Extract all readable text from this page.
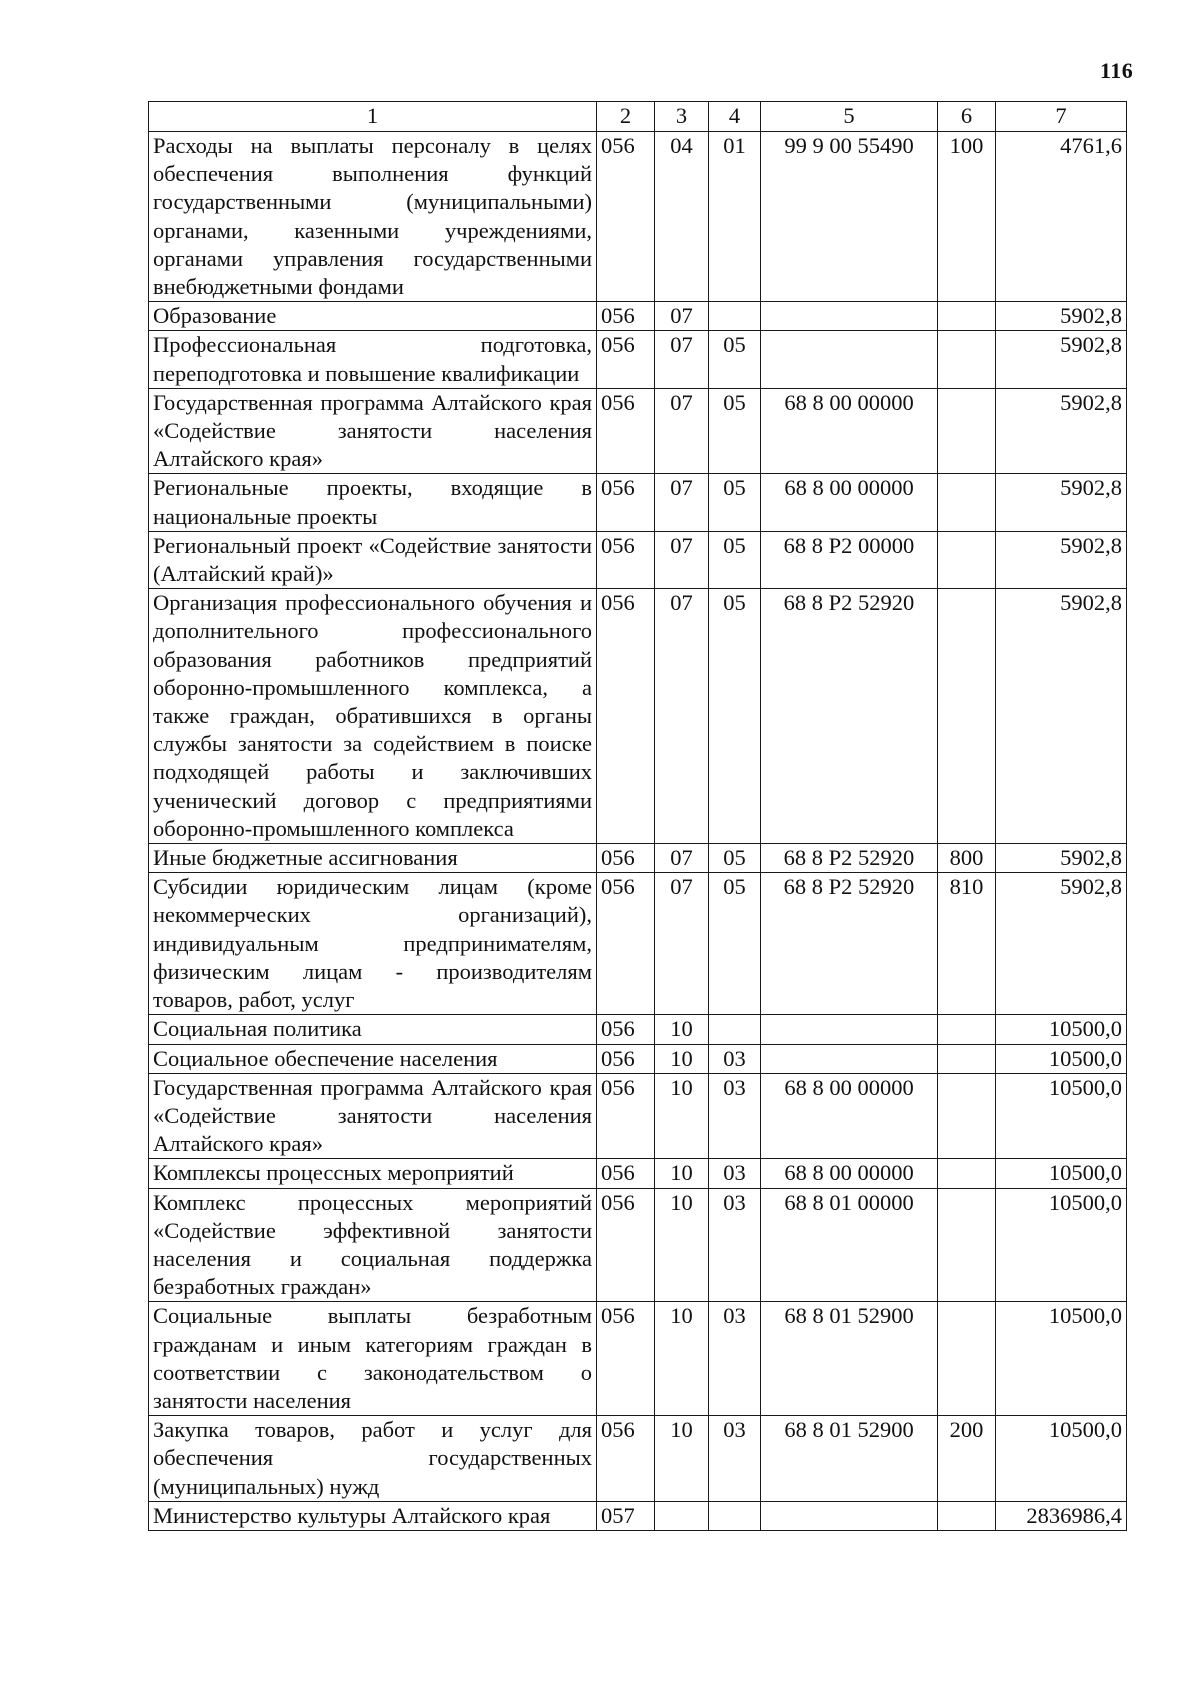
116
1	2	3	4	5	6	7
Расходы на выплаты персоналу в целях обеспечения выполнения функций государственными (муниципальными) органами, казенными учреждениями, органами управления государственными внебюджетными фондами	056	04	01	99 9 00 55490	100	4761,6
Образование	056	07				5902,8
Профессиональная подготовка, переподготовка и повышение квалификации	056	07	05			5902,8
Государственная программа Алтайского края «Содействие занятости населения Алтайского края»	056	07	05	68 8 00 00000		5902,8
Региональные проекты, входящие в национальные проекты	056	07	05	68 8 00 00000		5902,8
Региональный проект «Содействие занятости (Алтайский край)»	056	07	05	68 8 Р2 00000		5902,8
Организация профессионального обучения и дополнительного профессионального образования работников предприятий оборонно-промышленного комплекса, а также граждан, обратившихся в органы службы занятости за содействием в поиске подходящей работы и заключивших ученический договор с предприятиями оборонно-промышленного комплекса	056	07	05	68 8 Р2 52920		5902,8
Иные бюджетные ассигнования	056	07	05	68 8 Р2 52920	800	5902,8
Субсидии юридическим лицам (кроме некоммерческих организаций), индивидуальным предпринимателям, физическим лицам - производителям товаров, работ, услуг	056	07	05	68 8 Р2 52920	810	5902,8
Социальная политика	056	10				10500,0
Социальное обеспечение населения	056	10	03			10500,0
Государственная программа Алтайского края «Содействие занятости населения Алтайского края»	056	10	03	68 8 00 00000		10500,0
Комплексы процессных мероприятий	056	10	03	68 8 00 00000		10500,0
Комплекс процессных мероприятий «Содействие эффективной занятости населения и социальная поддержка безработных граждан»	056	10	03	68 8 01 00000		10500,0
Социальные выплаты безработным гражданам и иным категориям граждан в соответствии с законодательством о занятости населения	056	10	03	68 8 01 52900		10500,0
Закупка товаров, работ и услуг для обеспечения государственных (муниципальных) нужд	056	10	03	68 8 01 52900	200	10500,0
Министерство культуры Алтайского края	057					2836986,4
